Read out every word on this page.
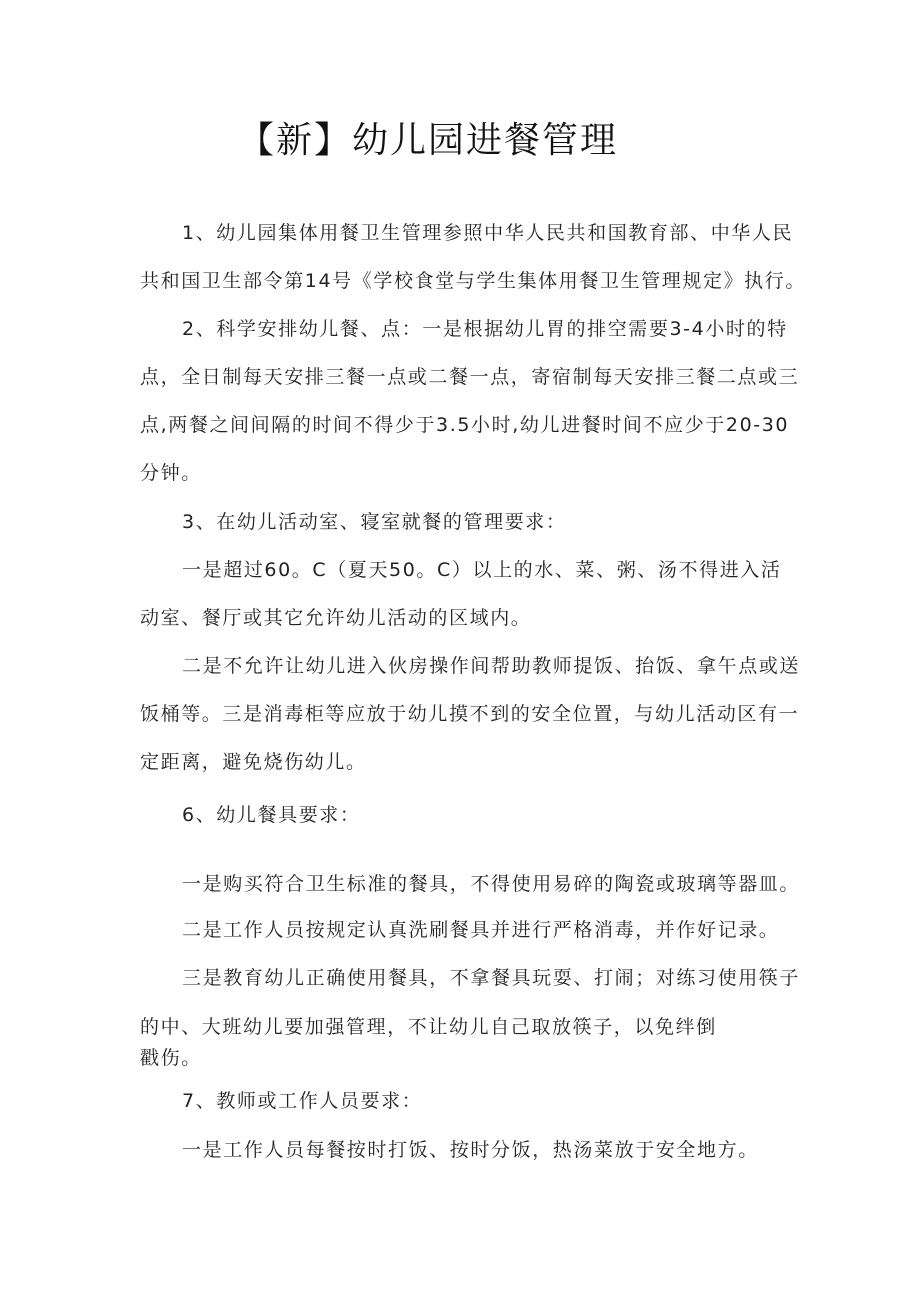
【新】幼儿园进餐管理
1、幼儿园集体用餐卫生管理参照中华人民共和国教育部、中华人民
共和国卫生部令第14号《学校食堂与学生集体用餐卫生管理规定》执行。
2、科学安排幼儿餐、点：一是根据幼儿胃的排空需要3-4小时的特
点，全日制每天安排三餐一点或二餐一点，寄宿制每天安排三餐二点或三
点,两餐之间间隔的时间不得少于3.5小时,幼儿进餐时间不应少于20-30
分钟。
3、在幼儿活动室、寝室就餐的管理要求：
一是超过60。C（夏天50。C）以上的水、菜、粥、汤不得进入活
动室、餐厅或其它允许幼儿活动的区域内。
二是不允许让幼儿进入伙房操作间帮助教师提饭、抬饭、拿午点或送
饭桶等。三是消毒柜等应放于幼儿摸不到的安全位置，与幼儿活动区有一
定距离，避免烧伤幼儿。
6、幼儿餐具要求：
一是购买符合卫生标准的餐具，不得使用易碎的陶瓷或玻璃等器皿。
二是工作人员按规定认真洗刷餐具并进行严格消毒，并作好记录。
三是教育幼儿正确使用餐具，不拿餐具玩耍、打闹；对练习使用筷子
的中、大班幼儿要加强管理，不让幼儿自己取放筷子，以免绊倒
戳伤。
7、教师或工作人员要求：
一是工作人员每餐按时打饭、按时分饭，热汤菜放于安全地方。
